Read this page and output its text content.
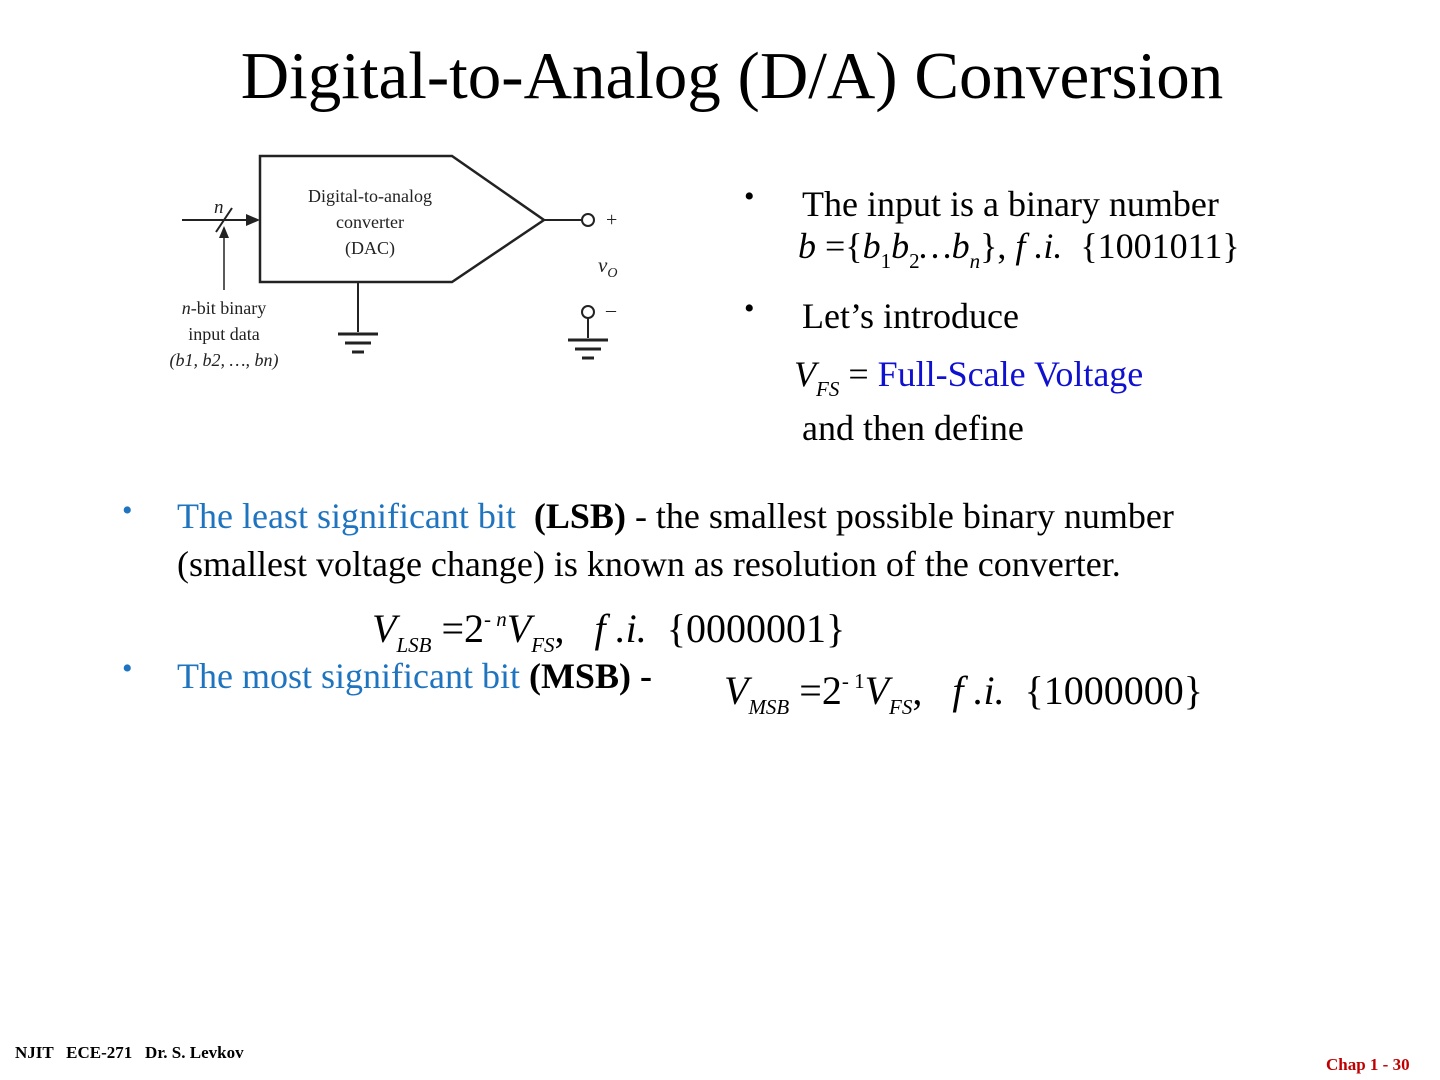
Digital-to-Analog (D/A) Conversion
Digital-to-analog
converter
(DAC)
n
n-bit binary
input data
(b1, b2, …, bn)
+
$v_O$
–
• The input is a binary number
$b =\{b_1b_2\dots b_n\}$, f .i. {1001011}
• Let’s introduce
$V_{FS}$ = Full-Scale Voltage
and then define
• The least significant bit (LSB) - the smallest possible binary number
(smallest voltage change) is known as resolution of the converter.
$V_{LSB} =2^{- n}V_{FS}$, f .i. {0000001}
• The most significant bit $(MSB) - V_{MSB} =2^{- 1}V_{FS}$, f .i. {1000000}
NJIT   ECE-271   Dr. S. Levkov
Chap 1 - 30
